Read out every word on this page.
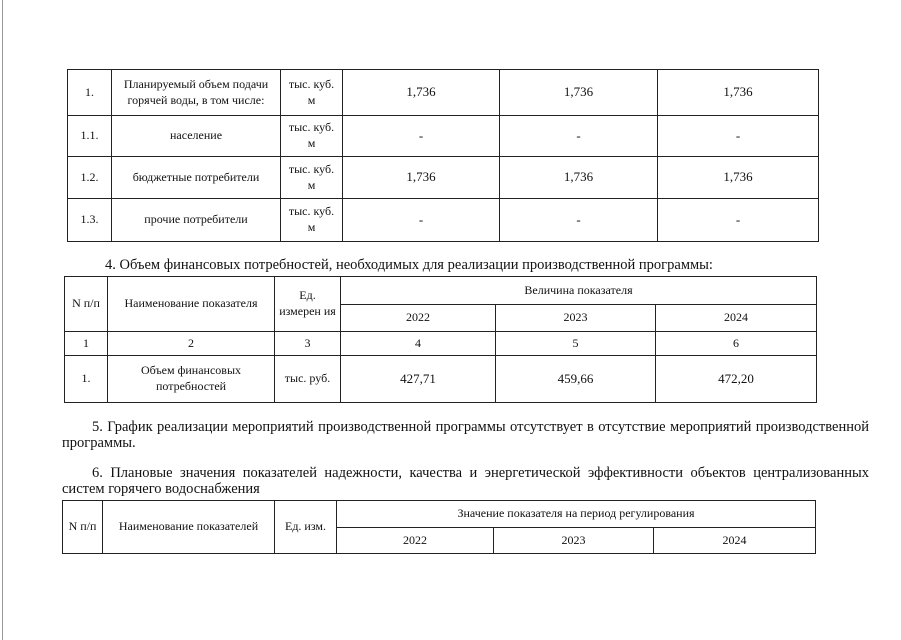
1.	Планируемый объем подачи горячей воды, в том числе:	тыс. куб. м	1,736	1,736	1,736
1.1.	население	тыс. куб. м	-	-	-
1.2.	бюджетные потребители	тыс. куб. м	1,736	1,736	1,736
1.3.	прочие потребители	тыс. куб. м	-	-	-
4. Объем финансовых потребностей, необходимых для реализации производственной программы:
N п/п	Наименование показателя	Ед. измерен ия	Величина показателя		
			2022	2023	2024
1	2	3	4	5	6
1.	Объем финансовых потребностей	тыс. руб.	427,71	459,66	472,20
5. График реализации мероприятий производственной программы отсутствует в отсутствие мероприятий производственной программы.
6. Плановые значения показателей надежности, качества и энергетической эффективности объектов централизованных систем горячего водоснабжения
N п/п	Наименование показателей	Ед. изм.	Значение показателя на период регулирования		
			2022	2023	2024
